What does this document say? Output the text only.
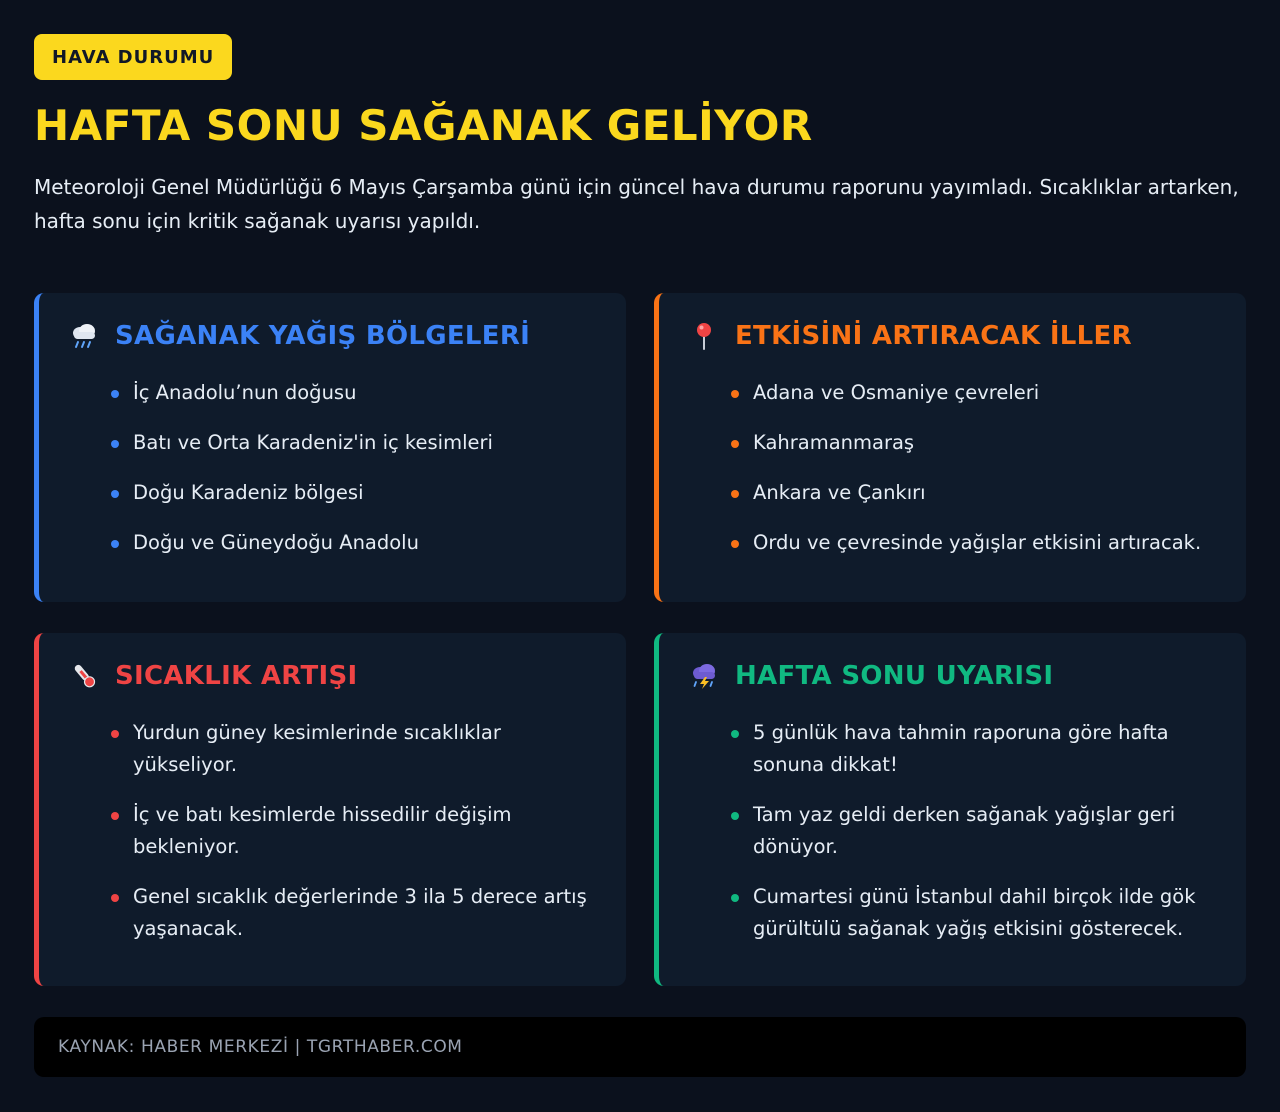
HAVA DURUMU
HAFTA SONU SAĞANAK GELİYOR

Meteoroloji Genel Müdürlüğü 6 Mayıs Çarşamba günü için güncel hava durumu raporunu yayımladı. Sıcaklıklar artarken, hafta sonu için kritik sağanak uyarısı yapıldı.

SAĞANAK YAĞIŞ BÖLGELERİ
İç Anadolu’nun doğusu
Batı ve Orta Karadeniz'in iç kesimleri
Doğu Karadeniz bölgesi
Doğu ve Güneydoğu Anadolu
ETKİSİNİ ARTIRACAK İLLER
Adana ve Osmaniye çevreleri
Kahramanmaraş
Ankara ve Çankırı
Ordu ve çevresinde yağışlar etkisini artıracak.
SICAKLIK ARTIŞI
Yurdun güney kesimlerinde sıcaklıklar yükseliyor.
İç ve batı kesimlerde hissedilir değişim bekleniyor.
Genel sıcaklık değerlerinde 3 ila 5 derece artış yaşanacak.
HAFTA SONU UYARISI
5 günlük hava tahmin raporuna göre hafta sonuna dikkat!
Tam yaz geldi derken sağanak yağışlar geri dönüyor.
Cumartesi günü İstanbul dahil birçok ilde gök gürültülü sağanak yağış etkisini gösterecek.
KAYNAK: HABER MERKEZİ | TGRTHABER.COM
